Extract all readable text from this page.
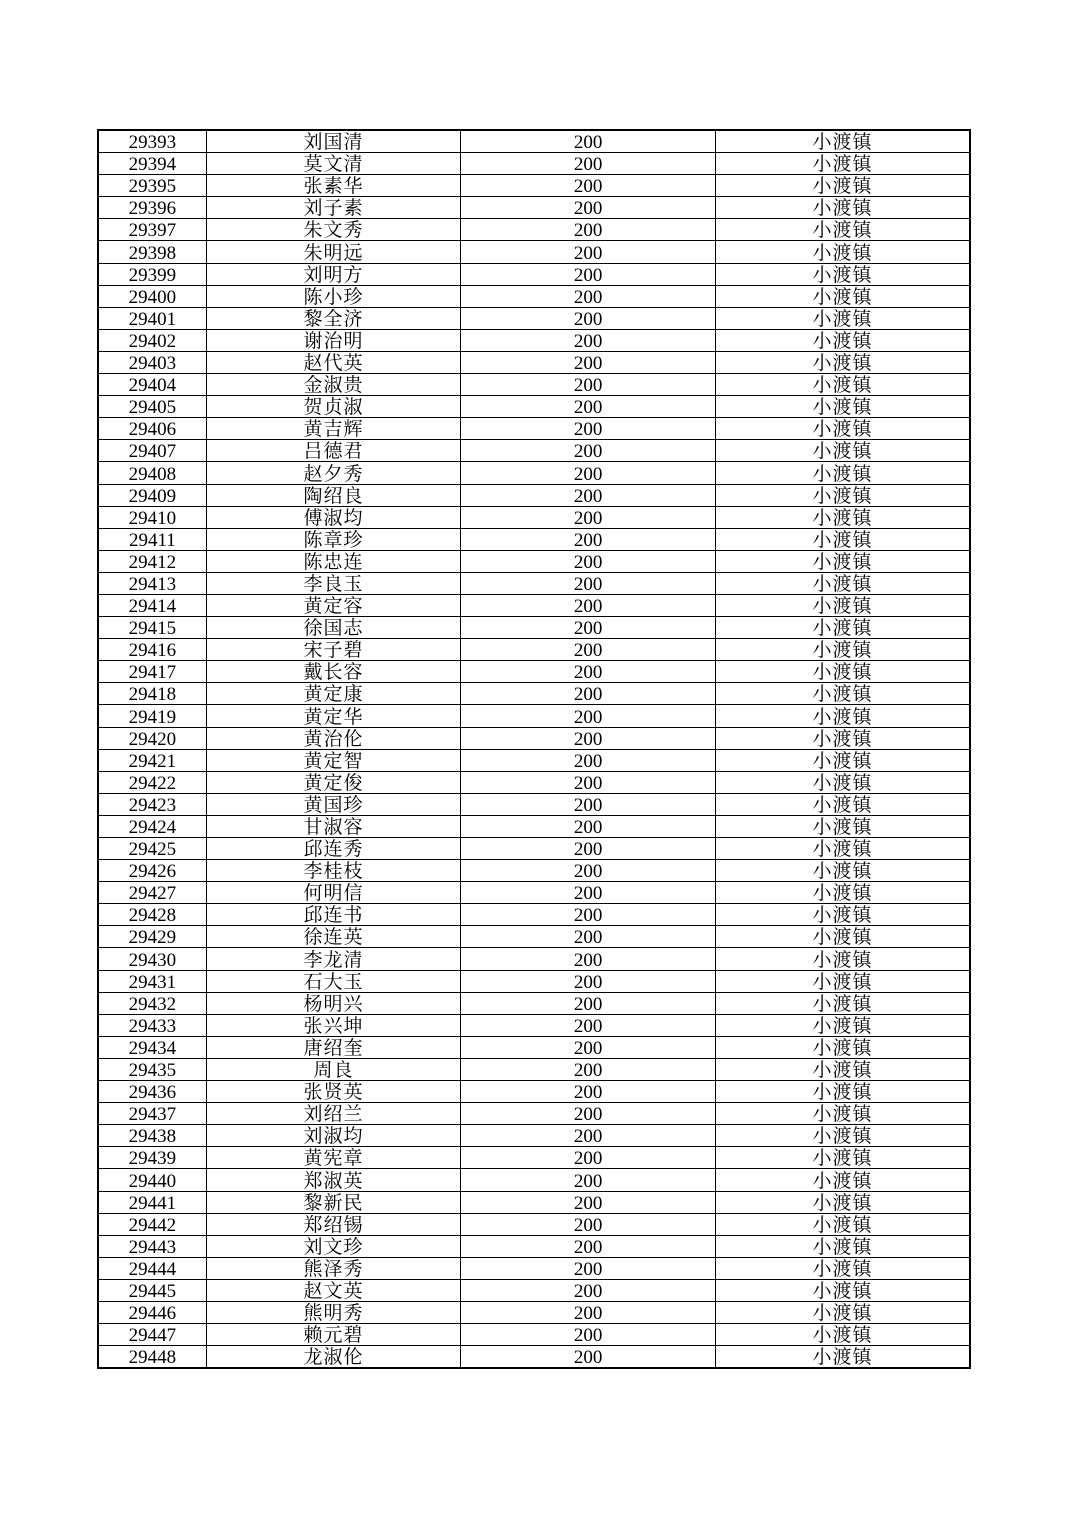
29393	刘国清	200	小渡镇
29394	莫文清	200	小渡镇
29395	张素华	200	小渡镇
29396	刘子素	200	小渡镇
29397	朱文秀	200	小渡镇
29398	朱明远	200	小渡镇
29399	刘明方	200	小渡镇
29400	陈小珍	200	小渡镇
29401	黎全济	200	小渡镇
29402	谢治明	200	小渡镇
29403	赵代英	200	小渡镇
29404	金淑贵	200	小渡镇
29405	贺贞淑	200	小渡镇
29406	黄吉辉	200	小渡镇
29407	吕德君	200	小渡镇
29408	赵夕秀	200	小渡镇
29409	陶绍良	200	小渡镇
29410	傅淑均	200	小渡镇
29411	陈章珍	200	小渡镇
29412	陈忠连	200	小渡镇
29413	李良玉	200	小渡镇
29414	黄定容	200	小渡镇
29415	徐国志	200	小渡镇
29416	宋子碧	200	小渡镇
29417	戴长容	200	小渡镇
29418	黄定康	200	小渡镇
29419	黄定华	200	小渡镇
29420	黄治伦	200	小渡镇
29421	黄定智	200	小渡镇
29422	黄定俊	200	小渡镇
29423	黄国珍	200	小渡镇
29424	甘淑容	200	小渡镇
29425	邱连秀	200	小渡镇
29426	李桂枝	200	小渡镇
29427	何明信	200	小渡镇
29428	邱连书	200	小渡镇
29429	徐连英	200	小渡镇
29430	李龙清	200	小渡镇
29431	石大玉	200	小渡镇
29432	杨明兴	200	小渡镇
29433	张兴坤	200	小渡镇
29434	唐绍奎	200	小渡镇
29435	周良	200	小渡镇
29436	张贤英	200	小渡镇
29437	刘绍兰	200	小渡镇
29438	刘淑均	200	小渡镇
29439	黄宪章	200	小渡镇
29440	郑淑英	200	小渡镇
29441	黎新民	200	小渡镇
29442	郑绍锡	200	小渡镇
29443	刘文珍	200	小渡镇
29444	熊泽秀	200	小渡镇
29445	赵文英	200	小渡镇
29446	熊明秀	200	小渡镇
29447	赖元碧	200	小渡镇
29448	龙淑伦	200	小渡镇
